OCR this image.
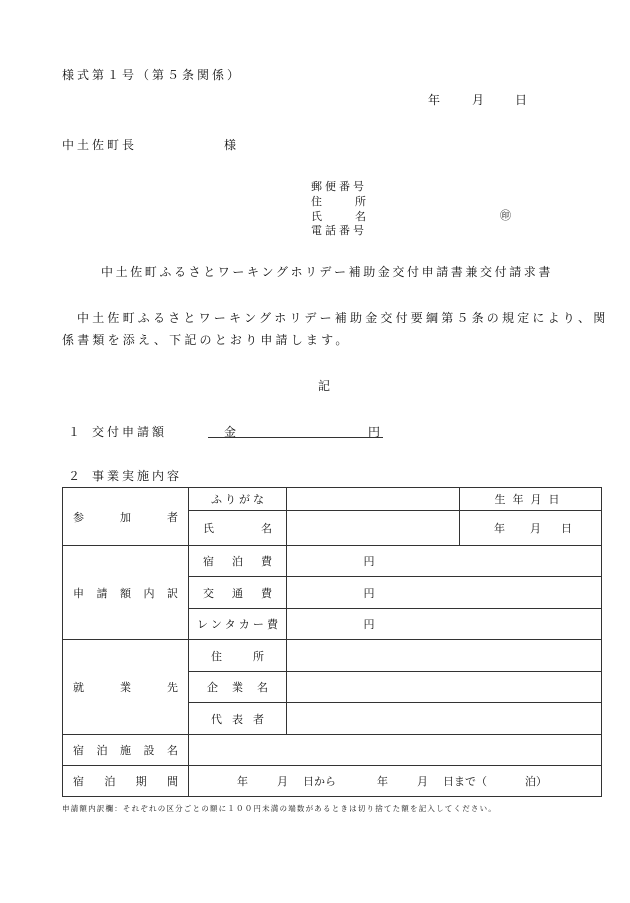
様式第１号（第５条関係）
年	月	日
中土佐町長	様
郵便番号
住	所
氏	名	㊞
電話番号
中土佐町ふるさとワーキングホリデー補助金交付申請書兼交付請求書
中土佐町ふるさとワーキングホリデー補助金交付要綱第５条の規定により、関
係書類を添え、下記のとおり申請します。
記
１ 交付申請額	金	円
２ 事業実施内容
参加者	ふりがな		生年月日
	氏名		年 月 日
申請額内訳	宿泊費	円	
	交通費	円	
	レンタカー費	円	
就業先	住所		
	企業名		
	代表者		
宿泊施設名			
宿泊期間	年 月 日から 年 月 日まで（ 泊）		
申請額内訳欄：それぞれの区分ごとの額に１００円未満の端数があるときは切り捨てた額を記入してください。
